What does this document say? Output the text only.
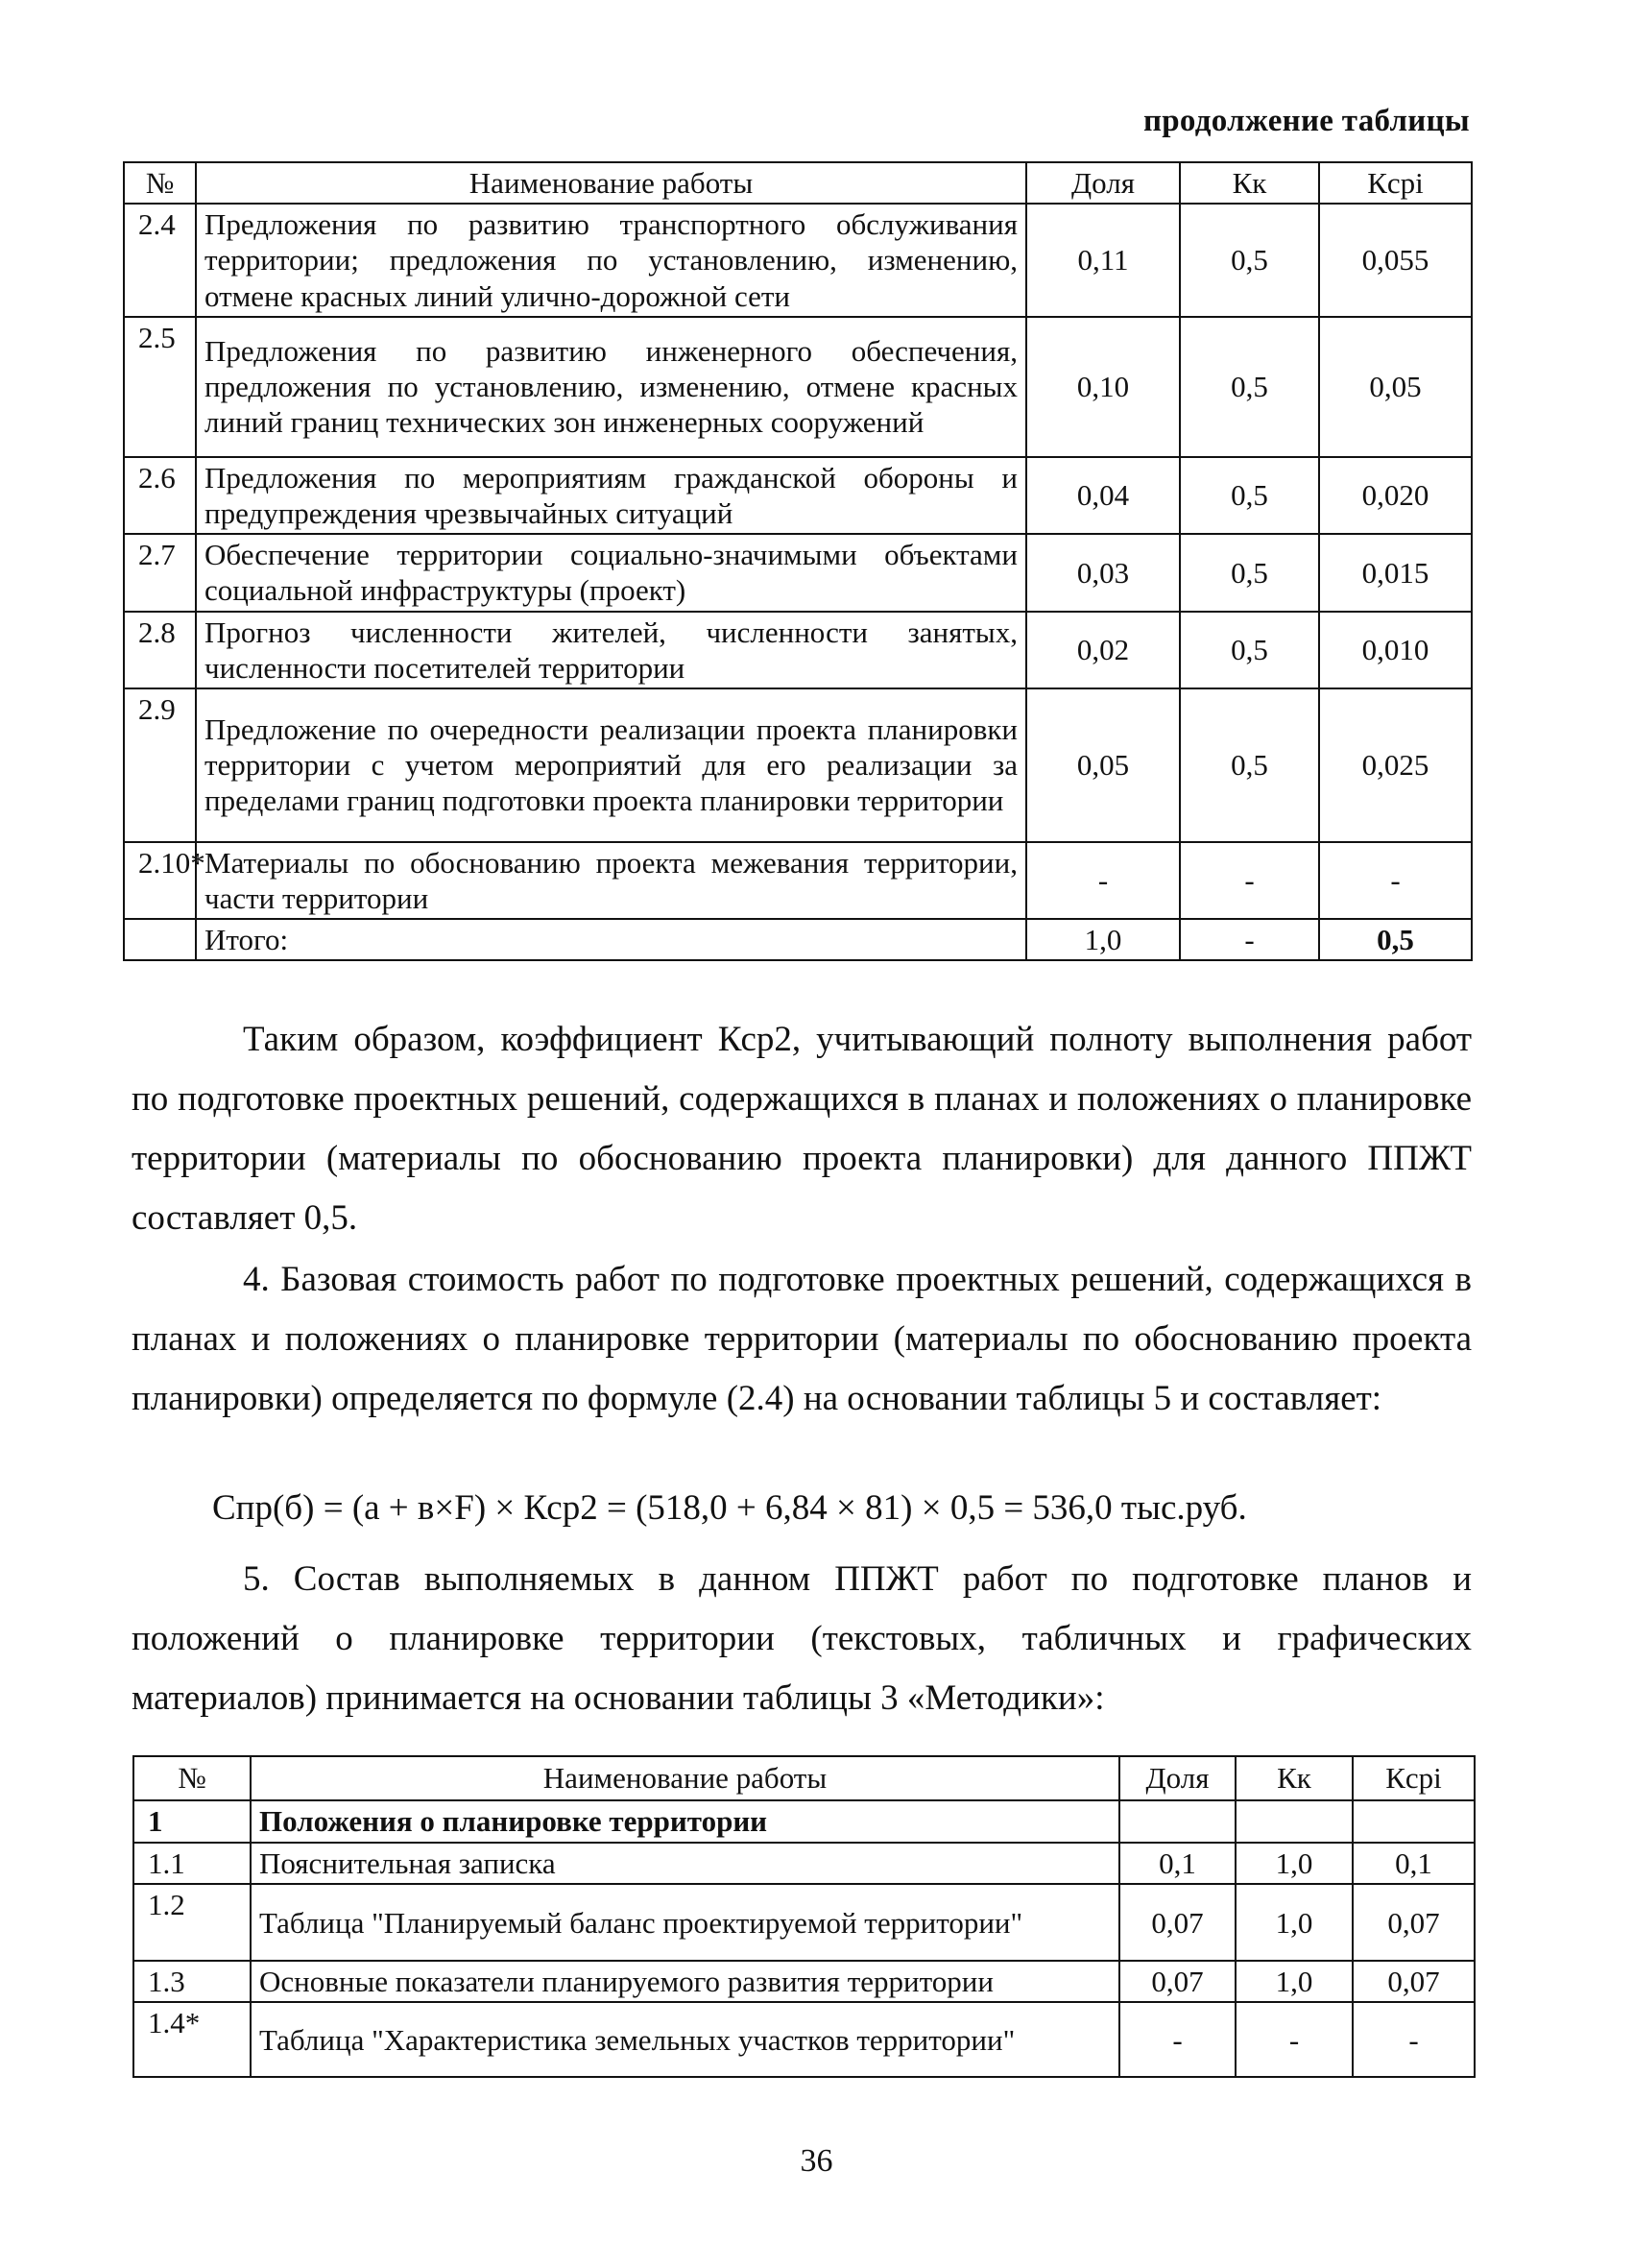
продолжение таблицы
№	Наименование работы	Доля	Кк	Кcpi
2.4	Предложения по развитию транспортного обслуживания территории; предложения по установлению, изменению, отмене красных линий улично-дорожной сети	0,11	0,5	0,055
2.5	Предложения по развитию инженерного обеспечения, предложения по установлению, изменению, отмене красных линий границ технических зон инженерных сооружений	0,10	0,5	0,05
2.6	Предложения по мероприятиям гражданской обороны и предупреждения чрезвычайных ситуаций	0,04	0,5	0,020
2.7	Обеспечение территории социально-значимыми объектами социальной инфраструктуры (проект)	0,03	0,5	0,015
2.8	Прогноз численности жителей, численности занятых, численности посетителей территории	0,02	0,5	0,010
2.9	Предложение по очередности реализации проекта планировки территории с учетом мероприятий для его реализации за пределами границ подготовки проекта планировки территории	0,05	0,5	0,025
2.10*	Материалы по обоснованию проекта межевания территории, части территории	-	-	-
	Итого:	1,0	-	0,5

Таким образом, коэффициент Кср2, учитывающий полноту выполнения работ по подготовке проектных решений, содержащихся в планах и положениях о планировке территории (материалы по обоснованию проекта планировки) для данного ППЖТ составляет 0,5.

4. Базовая стоимость работ по подготовке проектных решений, содержащихся в планах и положениях о планировке территории (материалы по обоснованию проекта планировки) определяется по формуле (2.4) на основании таблицы 5 и составляет:

Спр(б) = (а + в×F) × Кср2 = (518,0 + 6,84 × 81) × 0,5 = 536,0 тыс.руб.

5. Состав выполняемых в данном ППЖТ работ по подготовке планов и положений о планировке территории (текстовых, табличных и графических материалов) принимается на основании таблицы 3 «Методики»:

№	Наименование работы	Доля	Кк	Кcpi
1	Положения о планировке территории			
1.1	Пояснительная записка	0,1	1,0	0,1
1.2	Таблица "Планируемый баланс проектируемой территории"	0,07	1,0	0,07
1.3	Основные показатели планируемого развития территории	0,07	1,0	0,07
1.4*	Таблица "Характеристика земельных участков территории"	-	-	-
36
